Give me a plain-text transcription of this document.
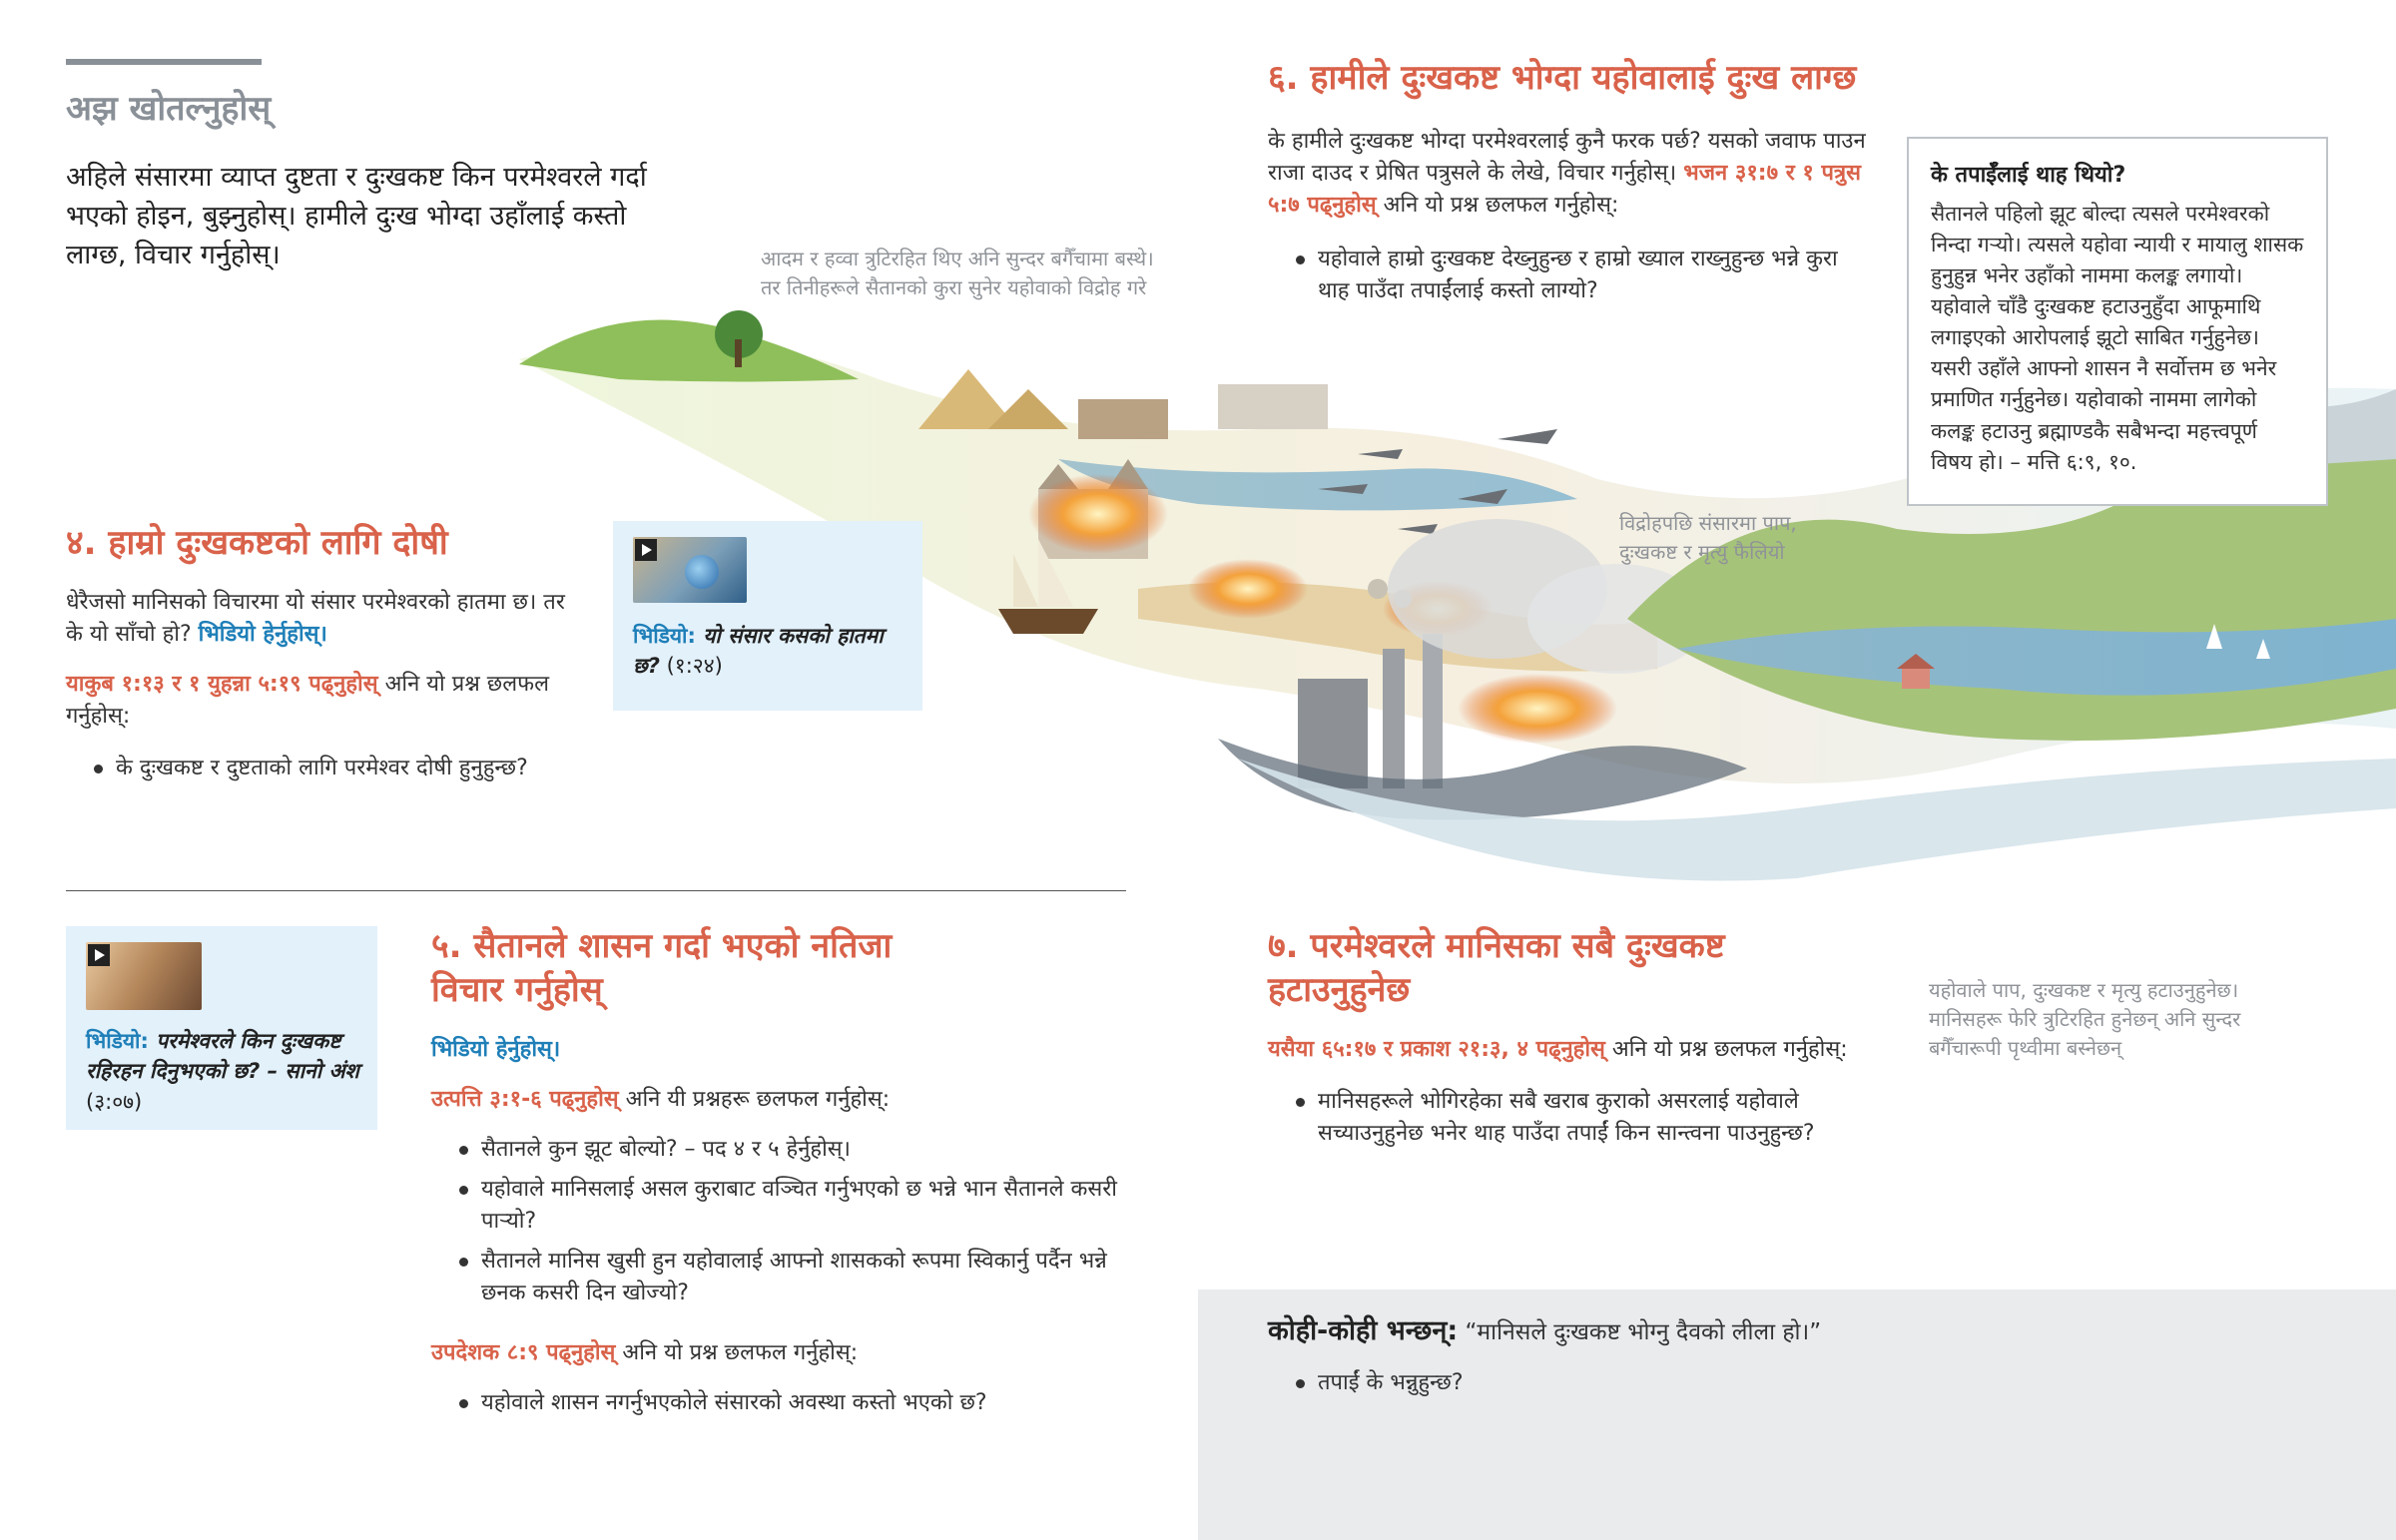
अझ खोतल्नुहोस्
अहिले संसारमा व्याप्त दुष्टता र दुःखकष्ट किन परमेश्वरले गर्दा भएको होइन, बुझ्नुहोस्। हामीले दुःख भोग्दा उहाँलाई कस्तो लाग्छ, विचार गर्नुहोस्।	आदम र हव्वा त्रुटिरहित थिए अनि सुन्दर बगैँचामा बस्थे। तर तिनीहरूले सैतानको कुरा सुनेर यहोवाको विद्रोह गरे
विद्रोहपछि संसारमा पाप, दुःखकष्ट र मृत्यु फैलियो
यहोवाले पाप, दुःखकष्ट र मृत्यु हटाउनुहुनेछ। मानिसहरू फेरि त्रुटिरहित हुनेछन् अनि सुन्दर बगैँचारूपी पृथ्वीमा बस्नेछन्
४. हाम्रो दुःखकष्टको लागि दोषी
धेरैजसो मानिसको विचारमा यो संसार परमेश्वरको हातमा छ। तर के यो साँचो हो? भिडियो हेर्नुहोस्।
याकुब १:१३ र १ युहन्ना ५:१९ पढ्नुहोस् अनि यो प्रश्न छलफल गर्नुहोस्:
के दुःखकष्ट र दुष्टताको लागि परमेश्वर दोषी हुनुहुन्छ?
भिडियो: यो संसार कसको हातमा छ? (१:२४)
भिडियो: परमेश्वरले किन दुःखकष्ट रहिरहन दिनुभएको छ? – सानो अंश (३:०७)
५. सैतानले शासन गर्दा भएको नतिजा विचार गर्नुहोस्
भिडियो हेर्नुहोस्।
उत्पत्ति ३:१-६ पढ्नुहोस् अनि यी प्रश्नहरू छलफल गर्नुहोस्:
सैतानले कुन झूट बोल्यो? – पद ४ र ५ हेर्नुहोस्।
यहोवाले मानिसलाई असल कुराबाट वञ्चित गर्नुभएको छ भन्ने भान सैतानले कसरी पार्‍यो?
सैतानले मानिस खुसी हुन यहोवालाई आफ्नो शासकको रूपमा स्विकार्नु पर्दैन भन्ने छनक कसरी दिन खोज्यो?
उपदेशक ८:९ पढ्नुहोस् अनि यो प्रश्न छलफल गर्नुहोस्:
यहोवाले शासन नगर्नुभएकोले संसारको अवस्था कस्तो भएको छ?
६. हामीले दुःखकष्ट भोग्दा यहोवालाई दुःख लाग्छ
के हामीले दुःखकष्ट भोग्दा परमेश्वरलाई कुनै फरक पर्छ? यसको जवाफ पाउन राजा दाउद र प्रेषित पत्रुसले के लेखे, विचार गर्नुहोस्। भजन ३१:७ र १ पत्रुस ५:७ पढ्नुहोस् अनि यो प्रश्न छलफल गर्नुहोस्:
यहोवाले हाम्रो दुःखकष्ट देख्नुहुन्छ र हाम्रो ख्याल राख्नुहुन्छ भन्ने कुरा थाह पाउँदा तपाईंलाई कस्तो लाग्यो?
के तपाईँलाई थाह थियो?
सैतानले पहिलो झूट बोल्दा त्यसले परमेश्वरको निन्दा गर्‍यो। त्यसले यहोवा न्यायी र मायालु शासक हुनुहुन्न भनेर उहाँको नाममा कलङ्क लगायो। यहोवाले चाँडै दुःखकष्ट हटाउनुहुँदा आफूमाथि लगाइएको आरोपलाई झूटो साबित गर्नुहुनेछ। यसरी उहाँले आफ्नो शासन नै सर्वोत्तम छ भनेर प्रमाणित गर्नुहुनेछ। यहोवाको नाममा लागेको कलङ्क हटाउनु ब्रह्माण्डकै सबैभन्दा महत्त्वपूर्ण विषय हो। – मत्ति ६:९, १०.
७. परमेश्वरले मानिसका सबै दुःखकष्ट हटाउनुहुनेछ
यसैया ६५:१७ र प्रकाश २१:३, ४ पढ्नुहोस् अनि यो प्रश्न छलफल गर्नुहोस्:
मानिसहरूले भोगिरहेका सबै खराब कुराको असरलाई यहोवाले सच्याउनुहुनेछ भनेर थाह पाउँदा तपाईं किन सान्त्वना पाउनुहुन्छ?
कोही-कोही भन्छन्: “मानिसले दुःखकष्ट भोग्नु दैवको लीला हो।”
तपाईं के भन्नुहुन्छ?
